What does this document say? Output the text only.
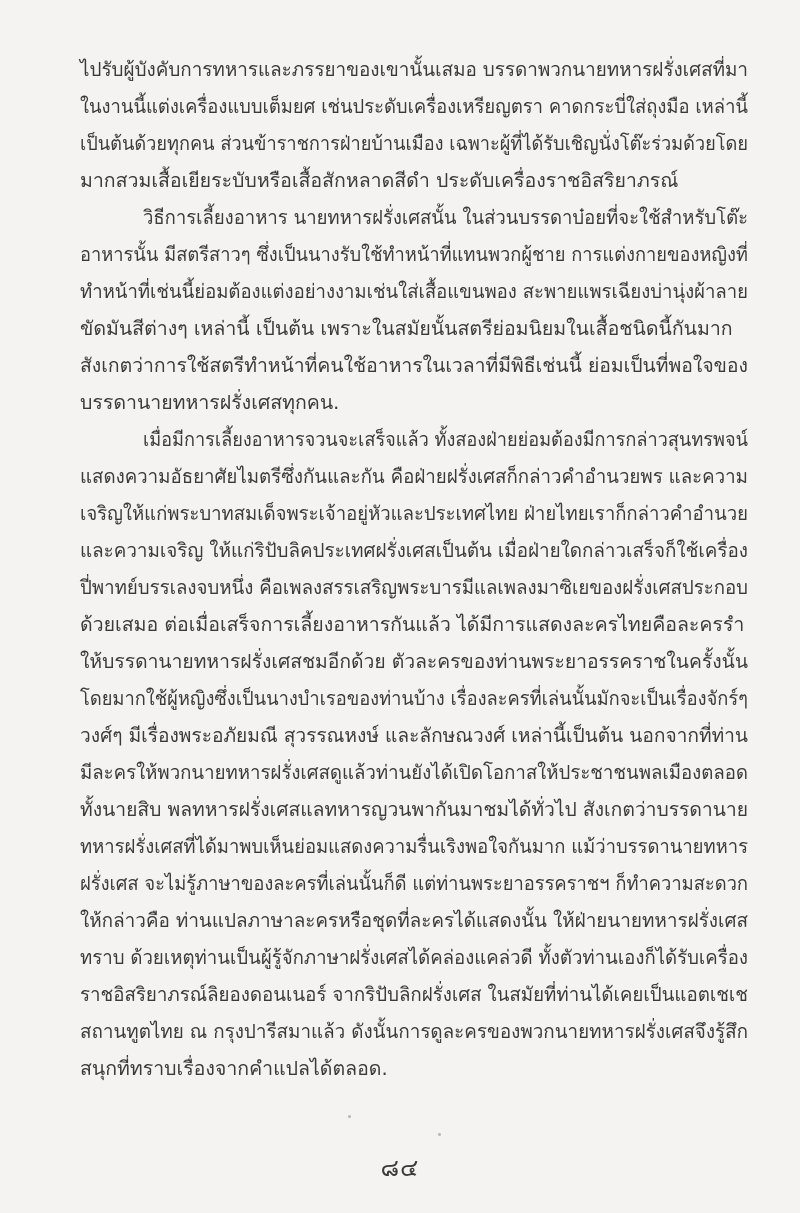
ไปรับผู้บังคับการทหารและภรรยาของเขานั้นเสมอ บรรดาพวกนายทหารฝรั่งเศสที่มา
ในงานนี้แต่งเครื่องแบบเต็มยศ เช่นประดับเครื่องเหรียญตรา คาดกระบี่ใส่ถุงมือ เหล่านี้
เป็นต้นด้วยทุกคน ส่วนข้าราชการฝ่ายบ้านเมือง เฉพาะผู้ที่ได้รับเชิญนั่งโต๊ะร่วมด้วยโดย
มากสวมเสื้อเยียระบับหรือเสื้อสักหลาดสีดำ ประดับเครื่องราชอิสริยาภรณ์
วิธีการเลี้ยงอาหาร นายทหารฝรั่งเศสนั้น ในส่วนบรรดาบ๋อยที่จะใช้สำหรับโต๊ะ
อาหารนั้น มีสตรีสาวๆ ซึ่งเป็นนางรับใช้ทำหน้าที่แทนพวกผู้ชาย การแต่งกายของหญิงที่
ทำหน้าที่เช่นนี้ย่อมต้องแต่งอย่างงามเช่นใส่เสื้อแขนพอง สะพายแพรเฉียงบ่านุ่งผ้าลาย
ขัดมันสีต่างๆ เหล่านี้ เป็นต้น เพราะในสมัยนั้นสตรีย่อมนิยมในเสื้อชนิดนี้กันมาก
สังเกตว่าการใช้สตรีทำหน้าที่คนใช้อาหารในเวลาที่มีพิธีเช่นนี้ ย่อมเป็นที่พอใจของ
บรรดานายทหารฝรั่งเศสทุกคน.
เมื่อมีการเลี้ยงอาหารจวนจะเสร็จแล้ว ทั้งสองฝ่ายย่อมต้องมีการกล่าวสุนทรพจน์
แสดงความอัธยาศัยไมตรีซึ่งกันและกัน คือฝ่ายฝรั่งเศสก็กล่าวคำอำนวยพร และความ
เจริญให้แก่พระบาทสมเด็จพระเจ้าอยู่หัวและประเทศไทย ฝ่ายไทยเราก็กล่าวคำอำนวย
และความเจริญ ให้แก่ริปับลิคประเทศฝรั่งเศสเป็นต้น เมื่อฝ่ายใดกล่าวเสร็จก็ใช้เครื่อง
ปี่พาทย์บรรเลงจบหนึ่ง คือเพลงสรรเสริญพระบารมีแลเพลงมาซิเยของฝรั่งเศสประกอบ
ด้วยเสมอ ต่อเมื่อเสร็จการเลี้ยงอาหารกันแล้ว ได้มีการแสดงละครไทยคือละครรำ
ให้บรรดานายทหารฝรั่งเศสชมอีกด้วย ตัวละครของท่านพระยาอรรคราชในครั้งนั้น
โดยมากใช้ผู้หญิงซึ่งเป็นนางบำเรอของท่านบ้าง เรื่องละครที่เล่นนั้นมักจะเป็นเรื่องจักร์ๆ
วงศ์ๆ มีเรื่องพระอภัยมณี สุวรรณหงษ์ และลักษณวงศ์ เหล่านี้เป็นต้น นอกจากที่ท่าน
มีละครให้พวกนายทหารฝรั่งเศสดูแล้วท่านยังได้เปิดโอกาสให้ประชาชนพลเมืองตลอด
ทั้งนายสิบ พลทหารฝรั่งเศสแลทหารญวนพากันมาชมได้ทั่วไป สังเกตว่าบรรดานาย
ทหารฝรั่งเศสที่ได้มาพบเห็นย่อมแสดงความรื่นเริงพอใจกันมาก แม้ว่าบรรดานายทหาร
ฝรั่งเศส จะไม่รู้ภาษาของละครที่เล่นนั้นก็ดี แต่ท่านพระยาอรรคราชฯ ก็ทำความสะดวก
ให้กล่าวคือ ท่านแปลภาษาละครหรือชุดที่ละครได้แสดงนั้น ให้ฝ่ายนายทหารฝรั่งเศส
ทราบ ด้วยเหตุท่านเป็นผู้รู้จักภาษาฝรั่งเศสได้คล่องแคล่วดี ทั้งตัวท่านเองก็ได้รับเครื่อง
ราชอิสริยาภรณ์ลิยองดอนเนอร์ จากริปับลิกฝรั่งเศส ในสมัยที่ท่านได้เคยเป็นแอตเชเช
สถานทูตไทย ณ กรุงปารีสมาแล้ว ดังนั้นการดูละครของพวกนายทหารฝรั่งเศสจึงรู้สึก
สนุกที่ทราบเรื่องจากคำแปลได้ตลอด.
๘๔
